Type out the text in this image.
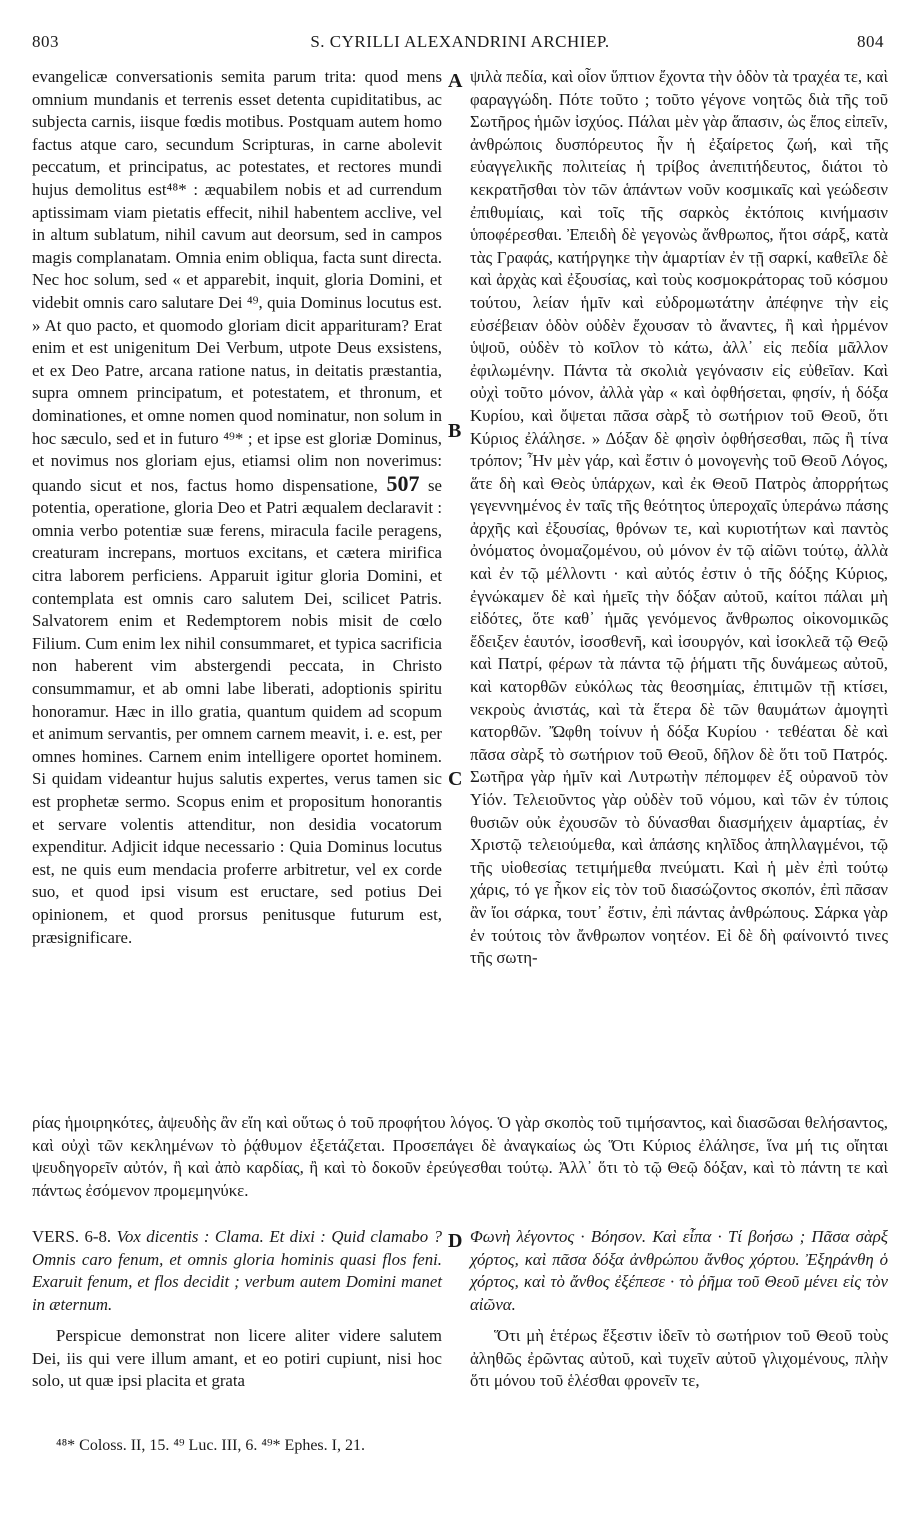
803	S. CYRILLI ALEXANDRINI ARCHIEP.	804
A
B
C
D

evangelicæ conversationis semita parum trita: quod mens omnium mundanis et terrenis esset detenta cupiditatibus, ac subjecta carnis, iisque fœdis motibus. Postquam autem homo factus atque caro, secundum Scripturas, in carne abolevit peccatum, et principatus, ac potestates, et rectores mundi hujus demolitus est⁴⁸* : æquabilem nobis et ad currendum aptissimam viam pietatis effecit, nihil habentem acclive, vel in altum sublatum, nihil cavum aut deorsum, sed in campos magis complanatam. Omnia enim obliqua, facta sunt directa. Nec hoc solum, sed « et apparebit, inquit, gloria Domini, et videbit omnis caro salutare Dei ⁴⁹, quia Dominus locutus est. » At quo pacto, et quomodo gloriam dicit apparituram? Erat enim et est unigenitum Dei Verbum, utpote Deus exsistens, et ex Deo Patre, arcana ratione natus, in deitatis præstantia, supra omnem principatum, et potestatem, et thronum, et dominationes, et omne nomen quod nominatur, non solum in hoc sæculo, sed et in futuro ⁴⁹* ; et ipse est gloriæ Dominus, et novimus nos gloriam ejus, etiamsi olim non noverimus: quando sicut et nos, factus homo dispensatione, 507 se potentia, operatione, gloria Deo et Patri æqualem declaravit : omnia verbo potentiæ suæ ferens, miracula facile peragens, creaturam increpans, mortuos excitans, et cætera mirifica citra laborem perficiens. Apparuit igitur gloria Domini, et contemplata est omnis caro salutem Dei, scilicet Patris. Salvatorem enim et Redemptorem nobis misit de cœlo Filium. Cum enim lex nihil consummaret, et typica sacrificia non haberent vim abstergendi peccata, in Christo consummamur, et ab omni labe liberati, adoptionis spiritu honoramur. Hæc in illo gratia, quantum quidem ad scopum et animum servantis, per omnem carnem meavit, i. e. est, per omnes homines. Carnem enim intelligere oportet hominem. Si quidam videantur hujus salutis expertes, verus tamen sic est prophetæ sermo. Scopus enim et propositum honorantis et servare volentis attenditur, non desidia vocatorum expenditur. Adjicit idque necessario : Quia Dominus locutus est, ne quis eum mendacia proferre arbitretur, vel ex corde suo, et quod ipsi visum est eructare, sed potius Dei opinionem, et quod prorsus penitusque futurum est, præsignificare.

ψιλὰ πεδία, καὶ οἷον ὕπτιον ἔχοντα τὴν ὁδὸν τὰ τραχέα τε, καὶ φαραγγώδη. Πότε τοῦτο ; τοῦτο γέγονε νοητῶς διὰ τῆς τοῦ Σωτῆρος ἡμῶν ἰσχύος. Πάλαι μὲν γὰρ ἅπασιν, ὡς ἔπος εἰπεῖν, ἀνθρώποις δυσπόρευτος ἦν ἡ ἐξαίρετος ζωή, καὶ τῆς εὐαγγελικῆς πολιτείας ἡ τρίβος ἀνεπιτήδευτος, διάτοι τὸ κεκρατῆσθαι τὸν τῶν ἁπάντων νοῦν κοσμικαῖς καὶ γεώδεσιν ἐπιθυμίαις, καὶ τοῖς τῆς σαρκὸς ἐκτόποις κινήμασιν ὑποφέρεσθαι. Ἐπειδὴ δὲ γεγονὼς ἄνθρωπος, ἤτοι σάρξ, κατὰ τὰς Γραφάς, κατήργηκε τὴν ἁμαρτίαν ἐν τῇ σαρκί, καθεῖλε δὲ καὶ ἀρχὰς καὶ ἐξουσίας, καὶ τοὺς κοσμοκράτορας τοῦ κόσμου τούτου, λείαν ἡμῖν καὶ εὐδρομωτάτην ἀπέφηνε τὴν εἰς εὐσέβειαν ὁδὸν οὐδὲν ἔχουσαν τὸ ἄναντες, ἢ καὶ ἠρμένον ὑψοῦ, οὐδὲν τὸ κοῖλον τὸ κάτω, ἀλλ᾽ εἰς πεδία μᾶλλον ἐφιλωμένην. Πάντα τὰ σκολιὰ γεγόνασιν εἰς εὐθεῖαν. Καὶ οὐχὶ τοῦτο μόνον, ἀλλὰ γὰρ « καὶ ὀφθήσεται, φησίν, ἡ δόξα Κυρίου, καὶ ὄψεται πᾶσα σὰρξ τὸ σωτήριον τοῦ Θεοῦ, ὅτι Κύριος ἐλάλησε. » Δόξαν δὲ φησὶν ὀφθήσεσθαι, πῶς ἢ τίνα τρόπον; Ἦν μὲν γάρ, καὶ ἔστιν ὁ μονογενὴς τοῦ Θεοῦ Λόγος, ἅτε δὴ καὶ Θεὸς ὑπάρχων, καὶ ἐκ Θεοῦ Πατρὸς ἀπορρήτως γεγεννημένος ἐν ταῖς τῆς θεότητος ὑπεροχαῖς ὑπεράνω πάσης ἀρχῆς καὶ ἐξουσίας, θρόνων τε, καὶ κυριοτήτων καὶ παντὸς ὀνόματος ὀνομαζομένου, οὐ μόνον ἐν τῷ αἰῶνι τούτῳ, ἀλλὰ καὶ ἐν τῷ μέλλοντι · καὶ αὐτός ἐστιν ὁ τῆς δόξης Κύριος, ἐγνώκαμεν δὲ καὶ ἡμεῖς τὴν δόξαν αὐτοῦ, καίτοι πάλαι μὴ εἰδότες, ὅτε καθ᾽ ἡμᾶς γενόμενος ἄνθρωπος οἰκονομικῶς ἔδειξεν ἑαυτόν, ἰσοσθενῆ, καὶ ἰσουργόν, καὶ ἰσοκλεᾶ τῷ Θεῷ καὶ Πατρί, φέρων τὰ πάντα τῷ ῥήματι τῆς δυνάμεως αὐτοῦ, καὶ κατορθῶν εὐκόλως τὰς θεοσημίας, ἐπιτιμῶν τῇ κτίσει, νεκροὺς ἀνιστάς, καὶ τὰ ἕτερα δὲ τῶν θαυμάτων ἀμογητὶ κατορθῶν. Ὤφθη τοίνυν ἡ δόξα Κυρίου · τεθέαται δὲ καὶ πᾶσα σὰρξ τὸ σωτήριον τοῦ Θεοῦ, δῆλον δὲ ὅτι τοῦ Πατρός. Σωτῆρα γὰρ ἡμῖν καὶ Λυτρωτὴν πέπομφεν ἐξ οὐρανοῦ τὸν Υἱόν. Τελειοῦντος γὰρ οὐδὲν τοῦ νόμου, καὶ τῶν ἐν τύποις θυσιῶν οὐκ ἐχουσῶν τὸ δύνασθαι διασμήχειν ἁμαρτίας, ἐν Χριστῷ τελειούμεθα, καὶ ἁπάσης κηλῖδος ἀπηλλαγμένοι, τῷ τῆς υἱοθεσίας τετιμήμεθα πνεύματι. Καὶ ἡ μὲν ἐπὶ τούτῳ χάρις, τό γε ἧκον εἰς τὸν τοῦ διασώζοντος σκοπόν, ἐπὶ πᾶσαν ἂν ἴοι σάρκα, τουτ᾽ ἔστιν, ἐπὶ πάντας ἀνθρώπους. Σάρκα γὰρ ἐν τούτοις τὸν ἄνθρωπον νοητέον. Εἰ δὲ δὴ φαίνοιντό τινες τῆς σωτη-

ρίας ἡμοιρηκότες, ἀψευδὴς ἂν εἴη καὶ οὕτως ὁ τοῦ προφήτου λόγος. Ὁ γὰρ σκοπὸς τοῦ τιμήσαντος, καὶ διασῶσαι θελήσαντος, καὶ οὐχὶ τῶν κεκλημένων τὸ ῥᾴθυμον ἐξετάζεται. Προσεπάγει δὲ ἀναγκαίως ὡς Ὅτι Κύριος ἐλάλησε, ἵνα μή τις οἴηται ψευδηγορεῖν αὐτόν, ἢ καὶ ἀπὸ καρδίας, ἢ καὶ τὸ δοκοῦν ἐρεύγεσθαι τούτῳ. Ἀλλ᾽ ὅτι τὸ τῷ Θεῷ δόξαν, καὶ τὸ πάντη τε καὶ πάντως ἐσόμενον προμεμηνύκε.

VERS. 6-8. Vox dicentis : Clama. Et dixi : Quid clamabo ? Omnis caro fenum, et omnis gloria hominis quasi flos feni. Exaruit fenum, et flos decidit ; verbum autem Domini manet in æternum.

Φωνὴ λέγοντος · Βόησον. Καὶ εἶπα · Τί βοήσω ; Πᾶσα σὰρξ χόρτος, καὶ πᾶσα δόξα ἀνθρώπου ἄνθος χόρτου. Ἐξηράνθη ὁ χόρτος, καὶ τὸ ἄνθος ἐξέπεσε · τὸ ῥῆμα τοῦ Θεοῦ μένει εἰς τὸν αἰῶνα.

Perspicue demonstrat non licere aliter videre salutem Dei, iis qui vere illum amant, et eo potiri cupiunt, nisi hoc solo, ut quæ ipsi placita et grata

Ὅτι μὴ ἑτέρως ἔξεστιν ἰδεῖν τὸ σωτήριον τοῦ Θεοῦ τοὺς ἀληθῶς ἐρῶντας αὐτοῦ, καὶ τυχεῖν αὐτοῦ γλιχομένους, πλὴν ὅτι μόνου τοῦ ἑλέσθαι φρονεῖν τε,

⁴⁸* Coloss. II, 15. ⁴⁹ Luc. III, 6. ⁴⁹* Ephes. I, 21.
